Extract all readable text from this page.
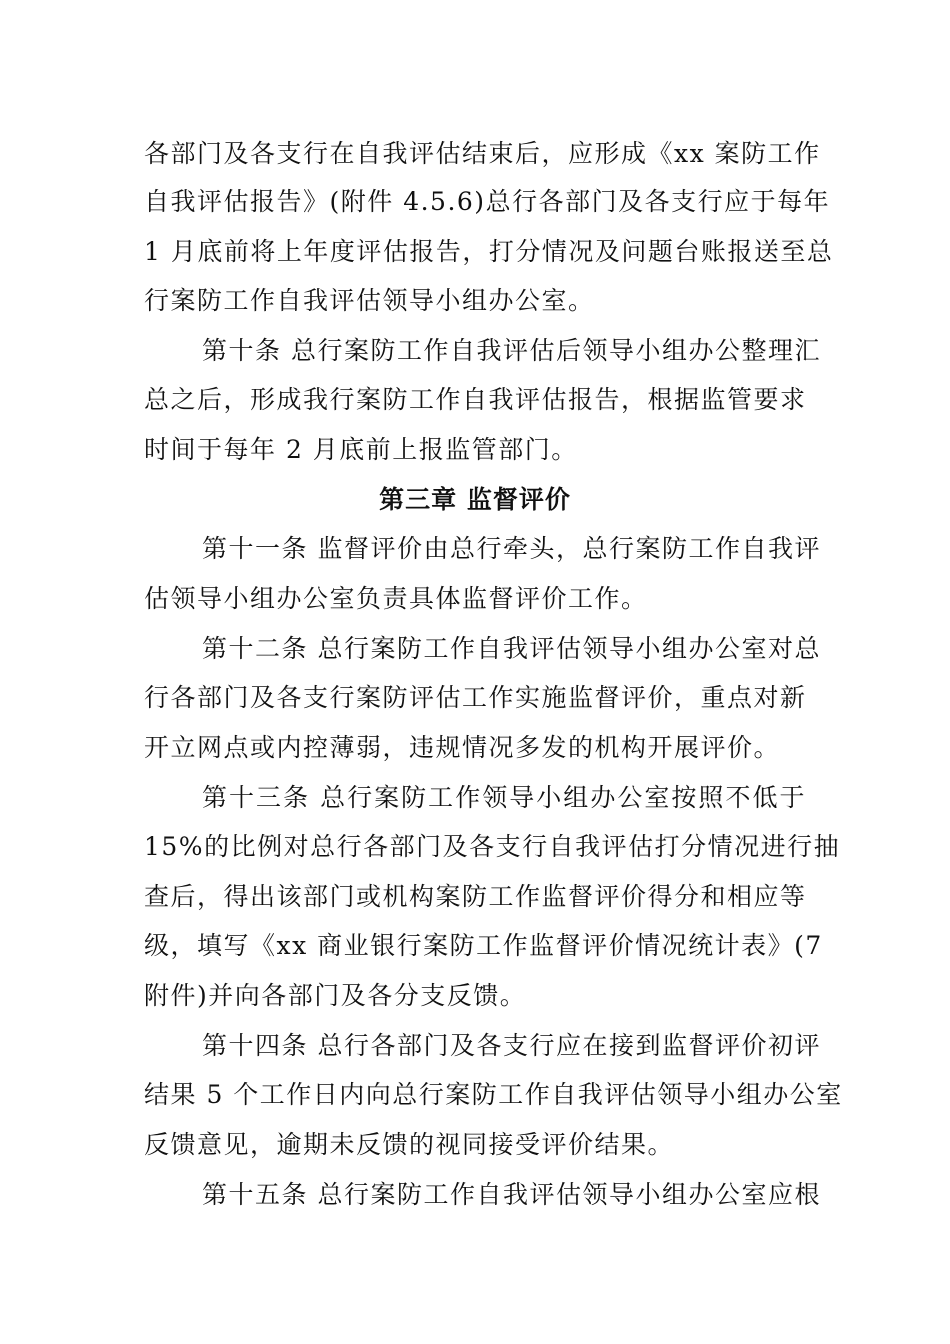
各部门及各支行在自我评估结束后，应形成《xx 案防工作
自我评估报告》(附件 4.5.6)总行各部门及各支行应于每年
1 月底前将上年度评估报告，打分情况及问题台账报送至总
行案防工作自我评估领导小组办公室。
第十条 总行案防工作自我评估后领导小组办公整理汇
总之后，形成我行案防工作自我评估报告，根据监管要求
时间于每年 2 月底前上报监管部门。
第三章 监督评价
第十一条 监督评价由总行牵头，总行案防工作自我评
估领导小组办公室负责具体监督评价工作。
第十二条 总行案防工作自我评估领导小组办公室对总
行各部门及各支行案防评估工作实施监督评价，重点对新
开立网点或内控薄弱，违规情况多发的机构开展评价。
第十三条 总行案防工作领导小组办公室按照不低于
15%的比例对总行各部门及各支行自我评估打分情况进行抽
查后，得出该部门或机构案防工作监督评价得分和相应等
级，填写《xx 商业银行案防工作监督评价情况统计表》(7
附件)并向各部门及各分支反馈。
第十四条 总行各部门及各支行应在接到监督评价初评
结果 5 个工作日内向总行案防工作自我评估领导小组办公室
反馈意见，逾期未反馈的视同接受评价结果。
第十五条 总行案防工作自我评估领导小组办公室应根
